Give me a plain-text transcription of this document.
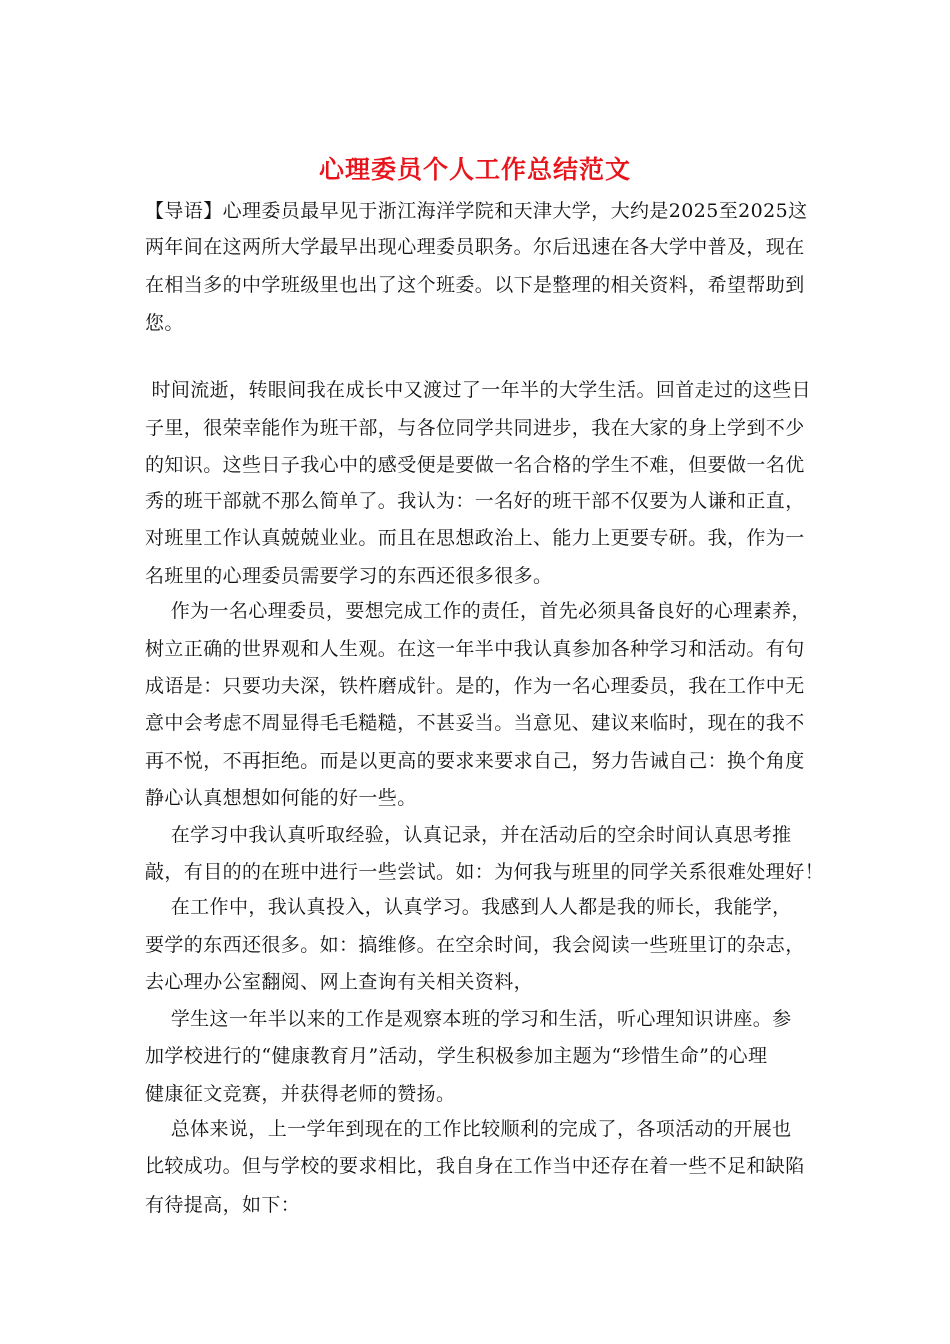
心理委员个人工作总结范文
【导语】心理委员最早见于浙江海洋学院和天津大学，大约是2025至2025这
两年间在这两所大学最早出现心理委员职务。尔后迅速在各大学中普及，现在
在相当多的中学班级里也出了这个班委。以下是整理的相关资料，希望帮助到
您。
时间流逝，转眼间我在成长中又渡过了一年半的大学生活。回首走过的这些日
子里，很荣幸能作为班干部，与各位同学共同进步，我在大家的身上学到不少
的知识。这些日子我心中的感受便是要做一名合格的学生不难，但要做一名优
秀的班干部就不那么简单了。我认为：一名好的班干部不仅要为人谦和正直，
对班里工作认真兢兢业业。而且在思想政治上、能力上更要专研。我，作为一
名班里的心理委员需要学习的东西还很多很多。
作为一名心理委员，要想完成工作的责任，首先必须具备良好的心理素养，
树立正确的世界观和人生观。在这一年半中我认真参加各种学习和活动。有句
成语是：只要功夫深，铁杵磨成针。是的，作为一名心理委员，我在工作中无
意中会考虑不周显得毛毛糙糙，不甚妥当。当意见、建议来临时，现在的我不
再不悦，不再拒绝。而是以更高的要求来要求自己，努力告诫自己：换个角度
静心认真想想如何能的好一些。
在学习中我认真听取经验，认真记录，并在活动后的空余时间认真思考推
敲，有目的的在班中进行一些尝试。如：为何我与班里的同学关系很难处理好！
在工作中，我认真投入，认真学习。我感到人人都是我的师长，我能学，
要学的东西还很多。如：搞维修。在空余时间，我会阅读一些班里订的杂志，
去心理办公室翻阅、网上查询有关相关资料，
学生这一年半以来的工作是观察本班的学习和生活，听心理知识讲座。参
加学校进行的“健康教育月”活动，学生积极参加主题为“珍惜生命”的心理
健康征文竞赛，并获得老师的赞扬。
总体来说，上一学年到现在的工作比较顺利的完成了，各项活动的开展也
比较成功。但与学校的要求相比，我自身在工作当中还存在着一些不足和缺陷
有待提高，如下：
